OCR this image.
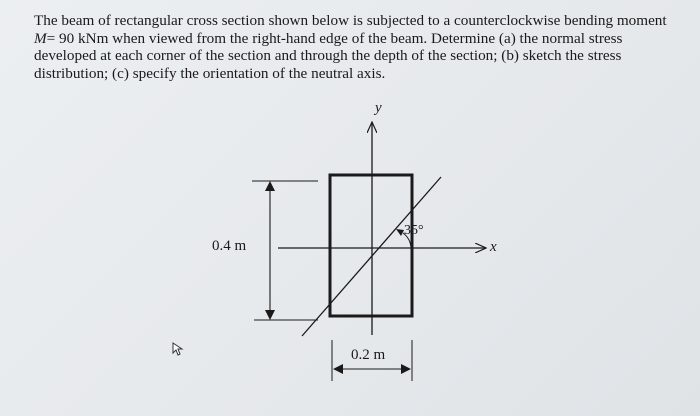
The beam of rectangular cross section shown below is subjected to a counterclockwise bending moment
M= 90 kNm when viewed from the right-hand edge of the beam. Determine (a) the normal stress
developed at each corner of the section and through the depth of the section; (b) sketch the stress
distribution; (c) specify the orientation of the neutral axis.
y
x
35°
0.4 m
0.2 m
